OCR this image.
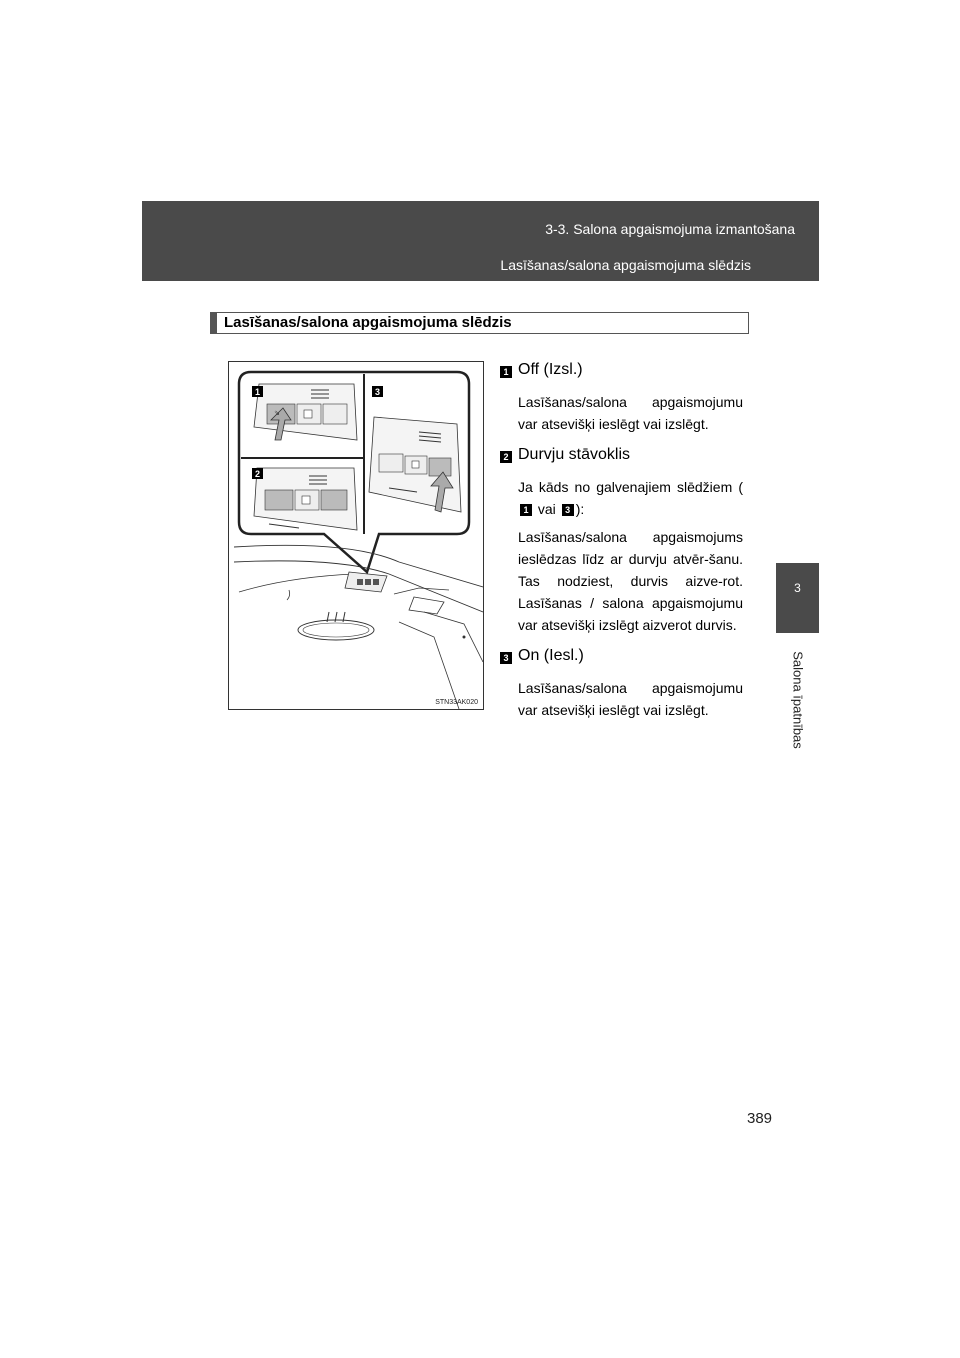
3-3. Salona apgaismojuma izmantošana
Lasīšanas/salona apgaismojuma slēdzis
3
Salona īpatnības
Lasīšanas/salona apgaismojuma slēdzis
⇘
1
2
3
STN33AK020
1 Off (Izsl.)

Lasīšanas/salona apgaismojumu var atsevišķi ieslēgt vai izslēgt.

2 Durvju stāvoklis

Ja kāds no galvenajiem slēdžiem (1 vai 3 ):

Lasīšanas/salona apgaismojums ieslēdzas līdz ar durvju atvēr-šanu. Tas nodziest, durvis aizve-rot. Lasīšanas / salona apgaismojumu var atsevišķi izslēgt aizverot durvis.

3 On (Iesl.)

Lasīšanas/salona apgaismojumu var atsevišķi ieslēgt vai izslēgt.

389
